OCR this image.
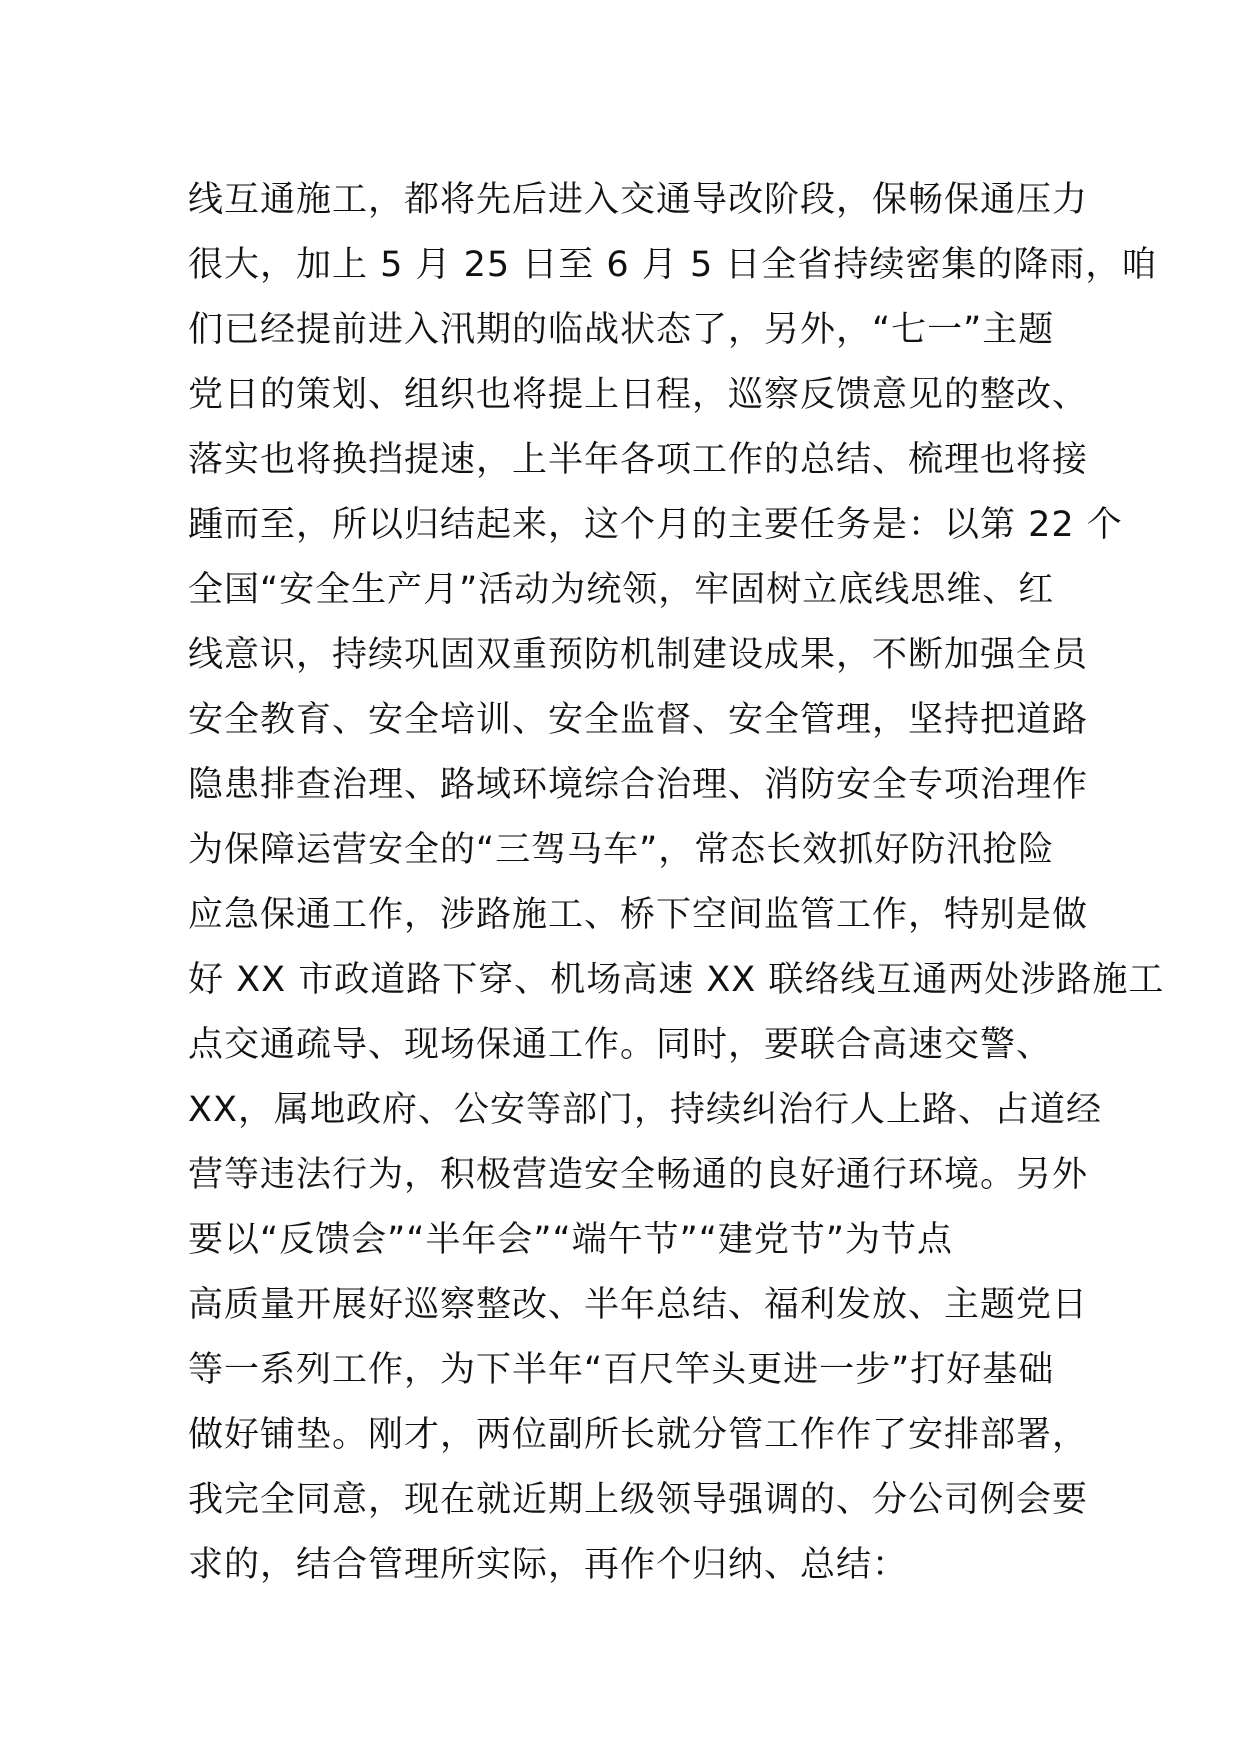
线互通施工，都将先后进入交通导改阶段，保畅保通压力
很大，加上 5 月 25 日至 6 月 5 日全省持续密集的降雨，咱
们已经提前进入汛期的临战状态了，另外，“七一”主题
党日的策划、组织也将提上日程，巡察反馈意见的整改、
落实也将换挡提速，上半年各项工作的总结、梳理也将接
踵而至，所以归结起来，这个月的主要任务是：以第 22 个
全国“安全生产月”活动为统领，牢固树立底线思维、红
线意识，持续巩固双重预防机制建设成果，不断加强全员
安全教育、安全培训、安全监督、安全管理，坚持把道路
隐患排查治理、路域环境综合治理、消防安全专项治理作
为保障运营安全的“三驾马车”，常态长效抓好防汛抢险
应急保通工作，涉路施工、桥下空间监管工作，特别是做
好 XX 市政道路下穿、机场高速 XX 联络线互通两处涉路施工
点交通疏导、现场保通工作。同时，要联合高速交警、
XX，属地政府、公安等部门，持续纠治行人上路、占道经
营等违法行为，积极营造安全畅通的良好通行环境。另外
要以“反馈会”“半年会”“端午节”“建党节”为节点
高质量开展好巡察整改、半年总结、福利发放、主题党日
等一系列工作，为下半年“百尺竿头更进一步”打好基础
做好铺垫。刚才，两位副所长就分管工作作了安排部署，
我完全同意，现在就近期上级领导强调的、分公司例会要
求的，结合管理所实际，再作个归纳、总结：
